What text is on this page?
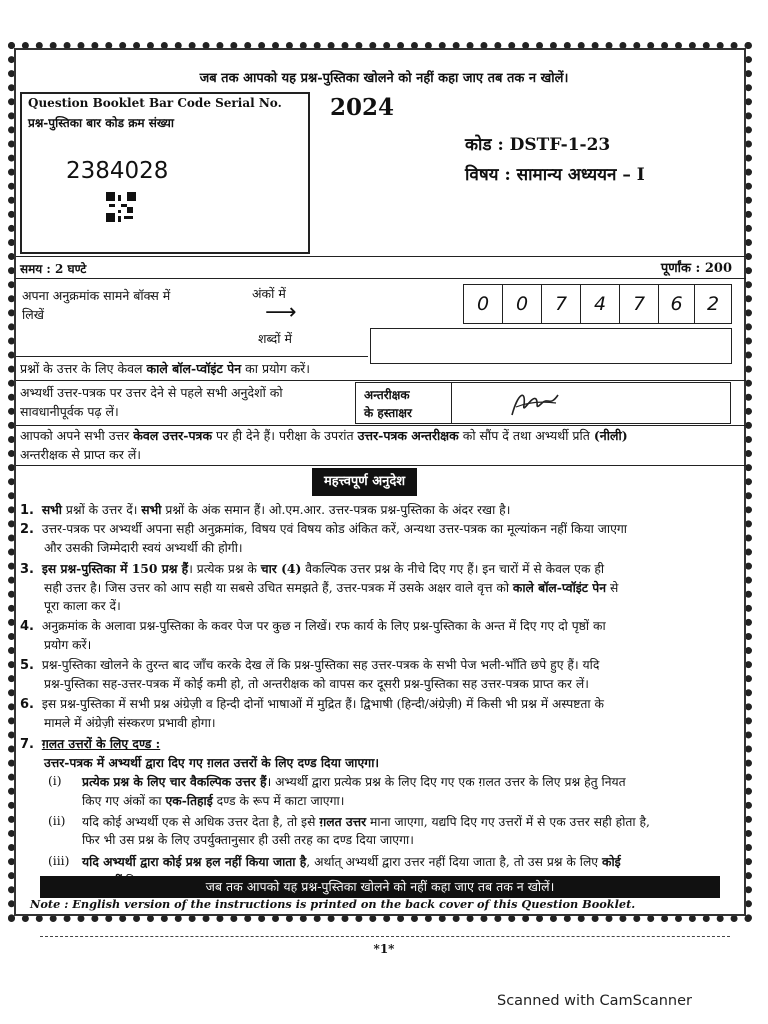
जब तक आपको यह प्रश्न-पुस्तिका खोलने को नहीं कहा जाए तब तक न खोलें।
Question Booklet Bar Code Serial No.
प्रश्न-पुस्तिका बार कोड क्रम संख्या
2384028
2024
कोड : DSTF-1-23
विषय : सामान्य अध्ययन – I
समय : 2 घण्टे	पूर्णांक : 200
अपना अनुक्रमांक सामने बॉक्स में
लिखें
अंकों में
⟶	0 0 7 4 7 6 2
शब्दों में
प्रश्नों के उत्तर के लिए केवल काले बॉल-प्वॉइंट पेन का प्रयोग करें।
अभ्यर्थी उत्तर-पत्रक पर उत्तर देने से पहले सभी अनुदेशों को
सावधानीपूर्वक पढ़ लें।
अन्तरीक्षक
के हस्ताक्षर
आपको अपने सभी उत्तर केवल उत्तर-पत्रक पर ही देने हैं। परीक्षा के उपरांत उत्तर-पत्रक अन्तरीक्षक को सौंप दें तथा अभ्यर्थी प्रति (नीली)
अन्तरीक्षक से प्राप्त कर लें।
महत्त्वपूर्ण अनुदेश
1. सभी प्रश्नों के उत्तर दें। सभी प्रश्नों के अंक समान हैं। ओ.एम.आर. उत्तर-पत्रक प्रश्न-पुस्तिका के अंदर रखा है।
2. उत्तर-पत्रक पर अभ्यर्थी अपना सही अनुक्रमांक, विषय एवं विषय कोड अंकित करें, अन्यथा उत्तर-पत्रक का मूल्यांकन नहीं किया जाएगा
और उसकी जिम्मेदारी स्वयं अभ्यर्थी की होगी।
3. इस प्रश्न-पुस्तिका में 150 प्रश्न हैं। प्रत्येक प्रश्न के चार (4) वैकल्पिक उत्तर प्रश्न के नीचे दिए गए हैं। इन चारों में से केवल एक ही
सही उत्तर है। जिस उत्तर को आप सही या सबसे उचित समझते हैं, उत्तर-पत्रक में उसके अक्षर वाले वृत्त को काले बॉल-प्वॉइंट पेन से
पूरा काला कर दें।
4. अनुक्रमांक के अलावा प्रश्न-पुस्तिका के कवर पेज पर कुछ न लिखें। रफ कार्य के लिए प्रश्न-पुस्तिका के अन्त में दिए गए दो पृष्ठों का
प्रयोग करें।
5. प्रश्न-पुस्तिका खोलने के तुरन्त बाद जाँच करके देख लें कि प्रश्न-पुस्तिका सह उत्तर-पत्रक के सभी पेज भली-भाँति छपे हुए हैं। यदि
प्रश्न-पुस्तिका सह-उत्तर-पत्रक में कोई कमी हो, तो अन्तरीक्षक को वापस कर दूसरी प्रश्न-पुस्तिका सह उत्तर-पत्रक प्राप्त कर लें।
6. इस प्रश्न-पुस्तिका में सभी प्रश्न अंग्रेज़ी व हिन्दी दोनों भाषाओं में मुद्रित हैं। द्विभाषी (हिन्दी/अंग्रेज़ी) में किसी भी प्रश्न में अस्पष्टता के
मामले में अंग्रेज़ी संस्करण प्रभावी होगा।
7. ग़लत उत्तरों के लिए दण्ड :
उत्तर-पत्रक में अभ्यर्थी द्वारा दिए गए ग़लत उत्तरों के लिए दण्ड दिया जाएगा।
(i)	प्रत्येक प्रश्न के लिए चार वैकल्पिक उत्तर हैं। अभ्यर्थी द्वारा प्रत्येक प्रश्न के लिए दिए गए एक ग़लत उत्तर के लिए प्रश्न हेतु नियत
किए गए अंकों का एक-तिहाई दण्ड के रूप में काटा जाएगा।
(ii)	यदि कोई अभ्यर्थी एक से अधिक उत्तर देता है, तो इसे ग़लत उत्तर माना जाएगा, यद्यपि दिए गए उत्तरों में से एक उत्तर सही होता है,
फिर भी उस प्रश्न के लिए उपर्युक्तानुसार ही उसी तरह का दण्ड दिया जाएगा।
(iii)	यदि अभ्यर्थी द्वारा कोई प्रश्न हल नहीं किया जाता है, अर्थात्‌ अभ्यर्थी द्वारा उत्तर नहीं दिया जाता है, तो उस प्रश्न के लिए कोई
जब तक आपको यह प्रश्न-पुस्तिका खोलने को नहीं कहा जाए तब तक न खोलें।
Note : English version of the instructions is printed on the back cover of this Question Booklet.
*1*
Scanned with CamScanner
